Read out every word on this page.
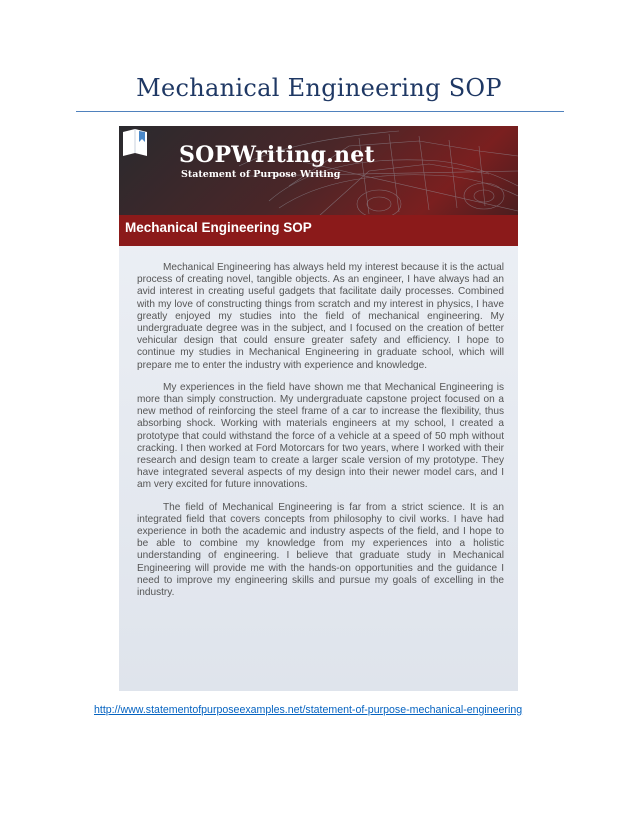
Mechanical Engineering SOP
SOPWriting.net
Statement of Purpose Writing
Mechanical Engineering SOP

Mechanical Engineering has always held my interest because it is the actual process of creating novel, tangible objects. As an engineer, I have always had an avid interest in creating useful gadgets that facilitate daily processes. Combined with my love of constructing things from scratch and my interest in physics, I have greatly enjoyed my studies into the field of mechanical engineering. My undergraduate degree was in the subject, and I focused on the creation of better vehicular design that could ensure greater safety and efficiency. I hope to continue my studies in Mechanical Engineering in graduate school, which will prepare me to enter the industry with experience and knowledge.

My experiences in the field have shown me that Mechanical Engineering is more than simply construction. My undergraduate capstone project focused on a new method of reinforcing the steel frame of a car to increase the flexibility, thus absorbing shock. Working with materials engineers at my school, I created a prototype that could withstand the force of a vehicle at a speed of 50 mph without cracking. I then worked at Ford Motorcars for two years, where I worked with their research and design team to create a larger scale version of my prototype. They have integrated several aspects of my design into their newer model cars, and I am very excited for future innovations.

The field of Mechanical Engineering is far from a strict science. It is an integrated field that covers concepts from philosophy to civil works. I have had experience in both the academic and industry aspects of the field, and I hope to be able to combine my knowledge from my experiences into a holistic understanding of engineering. I believe that graduate study in Mechanical Engineering will provide me with the hands-on opportunities and the guidance I need to improve my engineering skills and pursue my goals of excelling in the industry.

http://www.statementofpurposeexamples.net/statement-of-purpose-mechanical-engineering
